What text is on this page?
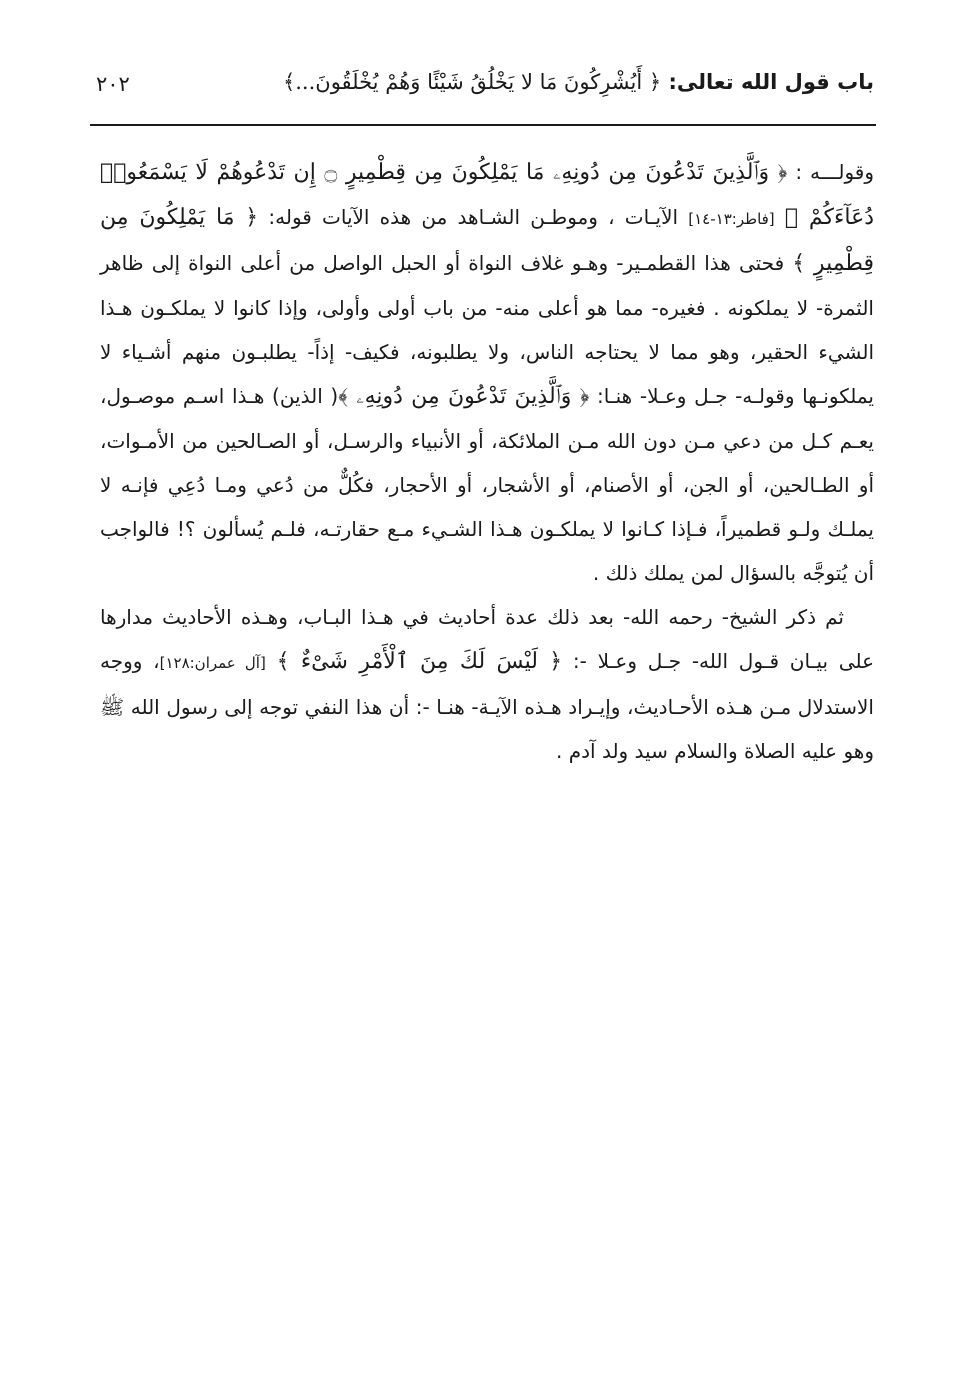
باب قول الله تعالى: ﴿ أَيُشْرِكُونَ مَا لا يَخْلُقُ شَيْئًا وَهُمْ يُخْلَقُونَ...﴾
٢٠٢

وقولـــه : ﴿ وَٱلَّذِينَ تَدْعُونَ مِن دُونِهِۦ مَا يَمْلِكُونَ مِن قِطْمِيرٍ ۝ إِن تَدْعُوهُمْ لَا يَسْمَعُوا۟ دُعَآءَكُمْ ﴾ [فاطر:١٣-١٤] الآيـات ، وموطـن الشـاهد من هذه الآيات قوله: ﴿ مَا يَمْلِكُونَ مِن قِطْمِيرٍ ﴾ فحتى هذا القطمـير- وهـو غلاف النواة أو الحبل الواصل من أعلى النواة إلى ظاهر الثمرة- لا يملكونه . فغيره- مما هو أعلى منه- من باب أولى وأولى، وإذا كانوا لا يملكـون هـذا الشيء الحقير، وهو مما لا يحتاجه الناس، ولا يطلبونه، فكيف- إذاً- يطلبـون منهم أشـياء لا يملكونـها وقولـه- جـل وعـلا- هنـا: ﴿ وَٱلَّذِينَ تَدْعُونَ مِن دُونِهِۦ ﴾( الذين) هـذا اسـم موصـول، يعـم كـل من دعي مـن دون الله مـن الملائكة، أو الأنبياء والرسـل، أو الصـالحين من الأمـوات، أو الطـالحين، أو الجن، أو الأصنام، أو الأشجار، أو الأحجار، فكُلٌّ من دُعي ومـا دُعِي فإنـه لا يملـك ولـو قطميراً، فـإذا كـانوا لا يملكـون هـذا الشـيء مـع حقارتـه، فلـم يُسألون ؟! فالواجب أن يُتوجَّه بالسؤال لمن يملك ذلك .

ثم ذكر الشيخ- رحمه الله- بعد ذلك عدة أحاديث في هـذا البـاب، وهـذه الأحاديث مدارها على بيـان قـول الله- جـل وعـلا -: ﴿ لَيْسَ لَكَ مِنَ ٱلْأَمْرِ شَىْءٌ ﴾ [آل عمران:١٢٨]، ووجه الاستدلال مـن هـذه الأحـاديث، وإيـراد هـذه الآيـة- هنـا -: أن هذا النفي توجه إلى رسول الله ﷺ وهو عليه الصلاة والسلام سيد ولد آدم .
